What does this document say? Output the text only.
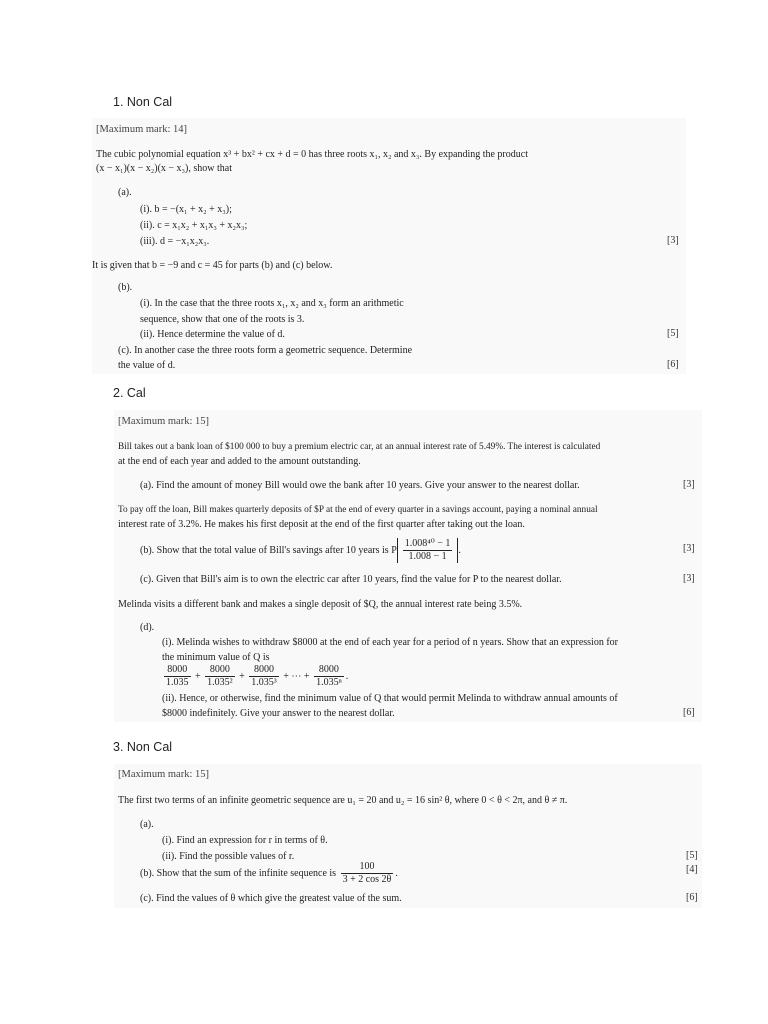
1. Non Cal
[Maximum mark: 14]
The cubic polynomial equation x³ + bx² + cx + d = 0 has three roots x₁, x₂ and x₃. By expanding the product
(x − x₁)(x − x₂)(x − x₃), show that
(a).
(i). b = −(x₁ + x₂ + x₃);
(ii). c = x₁x₂ + x₁x₃ + x₂x₃;
(iii). d = −x₁x₂x₃.	[3]
It is given that b = −9 and c = 45 for parts (b) and (c) below.
(b).
(i). In the case that the three roots x₁, x₂ and x₃ form an arithmetic
sequence, show that one of the roots is 3.
(ii). Hence determine the value of d.	[5]
(c). In another case the three roots form a geometric sequence. Determine
the value of d.	[6]
2. Cal
[Maximum mark: 15]
Bill takes out a bank loan of $100 000 to buy a premium electric car, at an annual interest rate of 5.49%. The interest is calculated
at the end of each year and added to the amount outstanding.
(a). Find the amount of money Bill would owe the bank after 10 years. Give your answer to the nearest dollar.	[3]
To pay off the loan, Bill makes quarterly deposits of $P at the end of every quarter in a savings account, paying a nominal annual
interest rate of 3.2%. He makes his first deposit at the end of the first quarter after taking out the loan.
(b). Show that the total value of Bill's savings after 10 years is P $\frac{\text{1.008⁴⁰ − 1}}{1.008 - 1}$ .	[3]
(c). Given that Bill's aim is to own the electric car after 10 years, find the value for P to the nearest dollar.	[3]
Melinda visits a different bank and makes a single deposit of $Q, the annual interest rate being 3.5%.
(d).
(i). Melinda wishes to withdraw $8000 at the end of each year for a period of n years. Show that an expression for
the minimum value of Q is
$\frac{8000}{1.035} + \frac{8000}{\text{1.035²}} + \frac{8000}{\text{1.035³}}$ + ⋯ + $\frac{8000}{\text{1.035ⁿ}}$ .
(ii). Hence, or otherwise, find the minimum value of Q that would permit Melinda to withdraw annual amounts of
$8000 indefinitely. Give your answer to the nearest dollar.	[6]
3. Non Cal
[Maximum mark: 15]
The first two terms of an infinite geometric sequence are u₁ = 20 and u₂ = 16 sin² θ, where 0 < θ < 2π, and θ ≠ π.
(a).
(i). Find an expression for r in terms of θ.
(ii). Find the possible values of r.	[5]
(b). Show that the sum of the infinite sequence is $\frac{100}{3 + 2 \cos 2\theta}$ .	[4]
(c). Find the values of θ which give the greatest value of the sum.	[6]
